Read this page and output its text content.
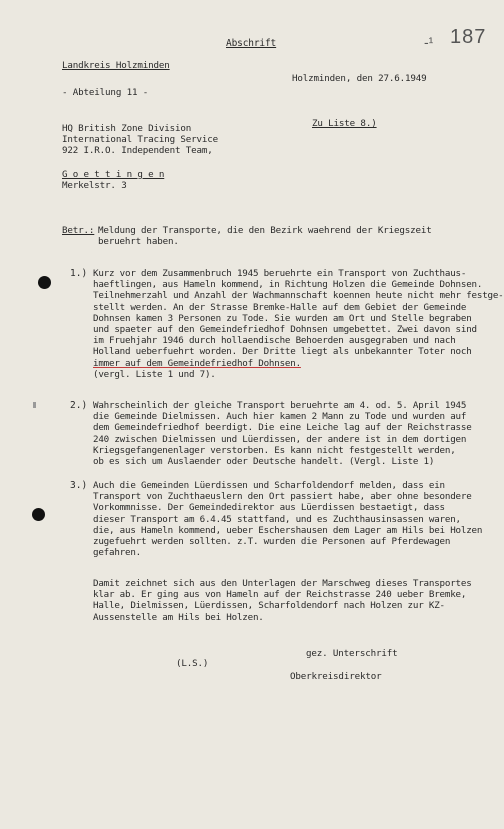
Abschrift	-¹ 187
Landkreis Holzminden
- Abteilung 11 -
Holzminden, den 27.6.1949
Zu Liste 8.)
HQ British Zone Division
International Tracing Service
922 I.R.O. Independent Team,
G o e t t i n g e n
Merkelstr. 3
Betr.: Meldung der Transporte, die den Bezirk waehrend der Kriegszeit
beruehrt haben.
1.) Kurz vor dem Zusammenbruch 1945 beruehrte ein Transport von Zuchthaus-
haeftlingen, aus Hameln kommend, in Richtung Holzen die Gemeinde Dohnsen.
Teilnehmerzahl und Anzahl der Wachmannschaft koennen heute nicht mehr festge-
stellt werden. An der Strasse Bremke-Halle auf dem Gebiet der Gemeinde
Dohnsen kamen 3 Personen zu Tode. Sie wurden am Ort und Stelle begraben
und spaeter auf den Gemeindefriedhof Dohnsen umgebettet. Zwei davon sind
im Fruehjahr 1946 durch hollaendische Behoerden ausgegraben und nach
Holland ueberfuehrt worden. Der Dritte liegt als unbekannter Toter noch
immer auf dem Gemeindefriedhof Dohnsen.
(vergl. Liste 1 und 7).
2.) Wahrscheinlich der gleiche Transport beruehrte am 4. od. 5. April 1945
die Gemeinde Dielmissen. Auch hier kamen 2 Mann zu Tode und wurden auf
dem Gemeindefriedhof beerdigt. Die eine Leiche lag auf der Reichstrasse
240 zwischen Dielmissen und Lüerdissen, der andere ist in dem dortigen
Kriegsgefangenenlager verstorben. Es kann nicht festgestellt werden,
ob es sich um Auslaender oder Deutsche handelt. (Vergl. Liste 1)
3.) Auch die Gemeinden Lüerdissen und Scharfoldendorf melden, dass ein
Transport von Zuchthaeuslern den Ort passiert habe, aber ohne besondere
Vorkommnisse. Der Gemeindedirektor aus Lüerdissen bestaetigt, dass
dieser Transport am 6.4.45 stattfand, und es Zuchthausinsassen waren,
die, aus Hameln kommend, ueber Eschershausen dem Lager am Hils bei Holzen
zugefuehrt werden sollten. z.T. wurden die Personen auf Pferdewagen
gefahren.
Damit zeichnet sich aus den Unterlagen der Marschweg dieses Transportes
klar ab. Er ging aus von Hameln auf der Reichstrasse 240 ueber Bremke,
Halle, Dielmissen, Lüerdissen, Scharfoldendorf nach Holzen zur KZ-
Aussenstelle am Hils bei Holzen.
gez. Unterschrift
(L.S.)
Oberkreisdirektor
